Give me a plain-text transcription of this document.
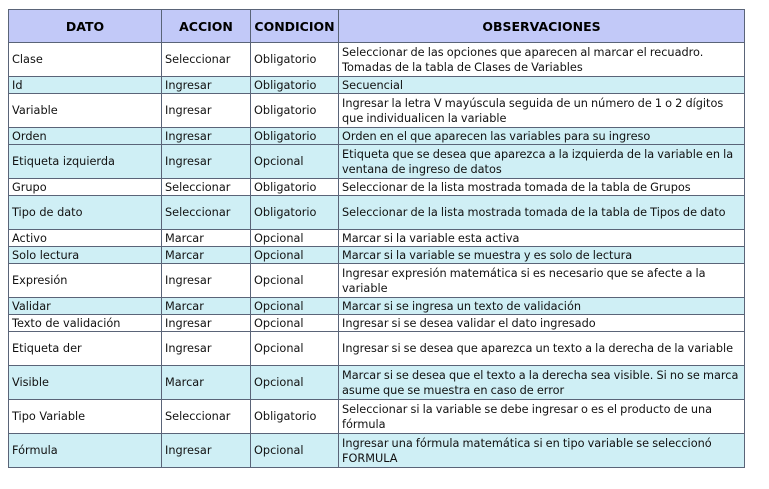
DATO	ACCION	CONDICION	OBSERVACIONES
Clase	Seleccionar	Obligatorio	Seleccionar de las opciones que aparecen al marcar el recuadro. Tomadas de la tabla de Clases de Variables
Id	Ingresar	Obligatorio	Secuencial
Variable	Ingresar	Obligatorio	Ingresar la letra V mayúscula seguida de un número de 1 o 2 dígitos que individualicen la variable
Orden	Ingresar	Obligatorio	Orden en el que aparecen las variables para su ingreso
Etiqueta izquierda	Ingresar	Opcional	Etiqueta que se desea que aparezca a la izquierda de la variable en la ventana de ingreso de datos
Grupo	Seleccionar	Obligatorio	Seleccionar de la lista mostrada tomada de la tabla de Grupos
Tipo de dato	Seleccionar	Obligatorio	Seleccionar de la lista mostrada tomada de la tabla de Tipos de dato
Activo	Marcar	Opcional	Marcar si la variable esta activa
Solo lectura	Marcar	Opcional	Marcar si la variable se muestra y es solo de lectura
Expresión	Ingresar	Opcional	Ingresar expresión matemática si es necesario que se afecte a la variable
Validar	Marcar	Opcional	Marcar si se ingresa un texto de validación
Texto de validación	Ingresar	Opcional	Ingresar si se desea validar el dato ingresado
Etiqueta der	Ingresar	Opcional	Ingresar si se desea que aparezca un texto a la derecha de la variable
Visible	Marcar	Opcional	Marcar si se desea que el texto a la derecha sea visible. Si no se marca asume que se muestra en caso de error
Tipo Variable	Seleccionar	Obligatorio	Seleccionar si la variable se debe ingresar o es el producto de una fórmula
Fórmula	Ingresar	Opcional	Ingresar una fórmula matemática si en tipo variable se seleccionó FORMULA
